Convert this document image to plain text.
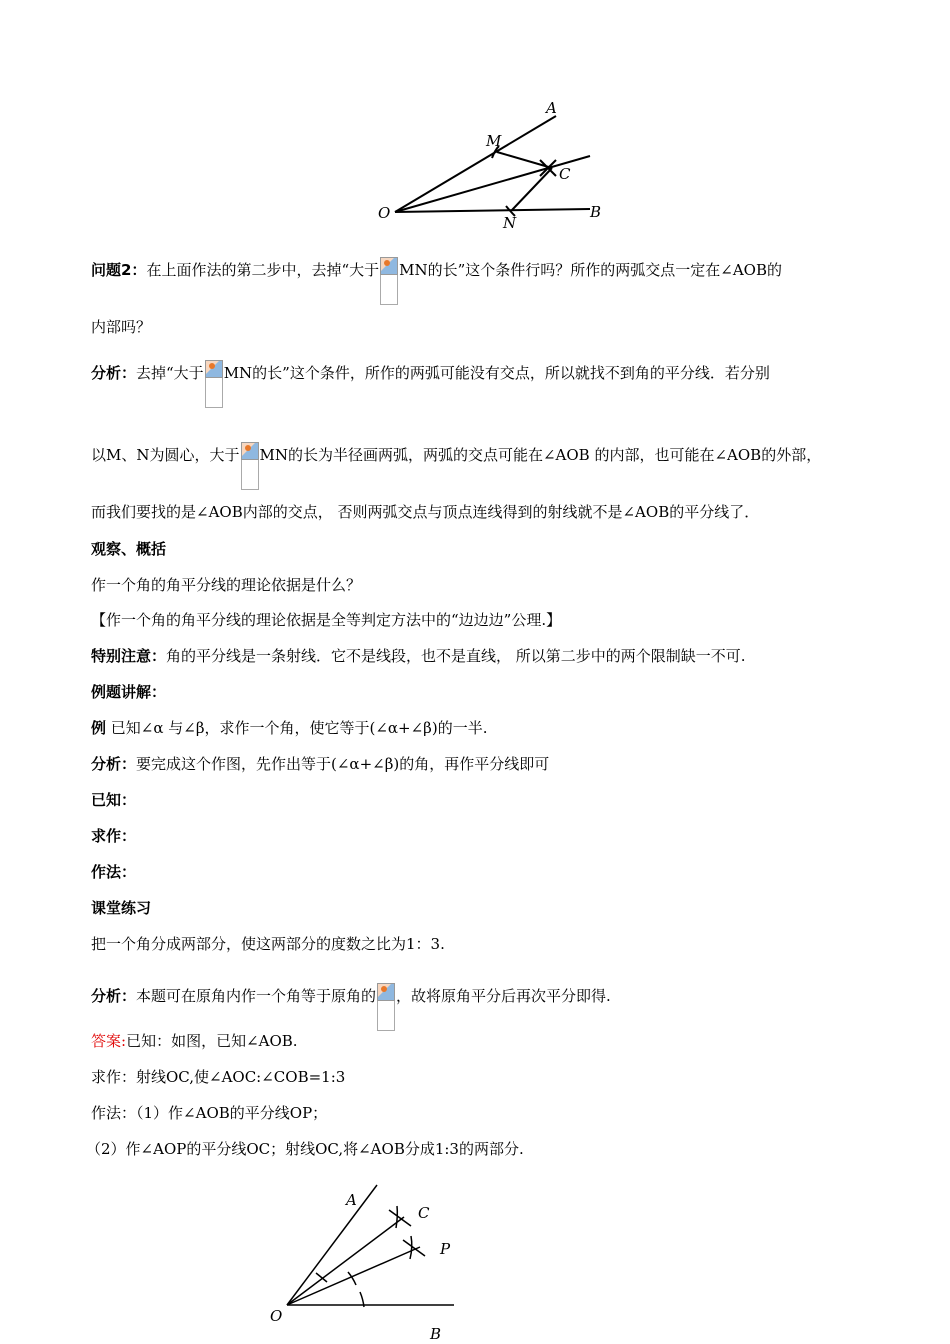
A
M
C
O
N
B
问题2：在上面作法的第二步中，去掉“大于 MN的长”这个条件行吗？所作的两弧交点一定在∠AOB的
内部吗？
分析：去掉“大于 MN的长”这个条件，所作的两弧可能没有交点，所以就找不到角的平分线．若分别
以M、N为圆心，大于 MN的长为半径画两弧，两弧的交点可能在∠AOB 的内部，也可能在∠AOB的外部，
而我们要找的是∠AOB内部的交点， 否则两弧交点与顶点连线得到的射线就不是∠AOB的平分线了．
观察、概括
作一个角的角平分线的理论依据是什么？
【作一个角的角平分线的理论依据是全等判定方法中的“边边边”公理.】
特别注意：角的平分线是一条射线．它不是线段，也不是直线， 所以第二步中的两个限制缺一不可.
例题讲解：
例 已知∠α 与∠β，求作一个角，使它等于(∠α+∠β)的一半.
分析：要完成这个作图，先作出等于(∠α+∠β)的角，再作平分线即可
已知：
求作：
作法：
课堂练习
把一个角分成两部分，使这两部分的度数之比为1：3.
分析：本题可在原角内作一个角等于原角的 ，故将原角平分后再次平分即得.
答案:已知：如图，已知∠AOB.
求作：射线OC,使∠AOC:∠COB=1:3
作法：（1）作∠AOB的平分线OP；
（2）作∠AOP的平分线OC；射线OC,将∠AOB分成1:3的两部分.
A
C
P
O
B
